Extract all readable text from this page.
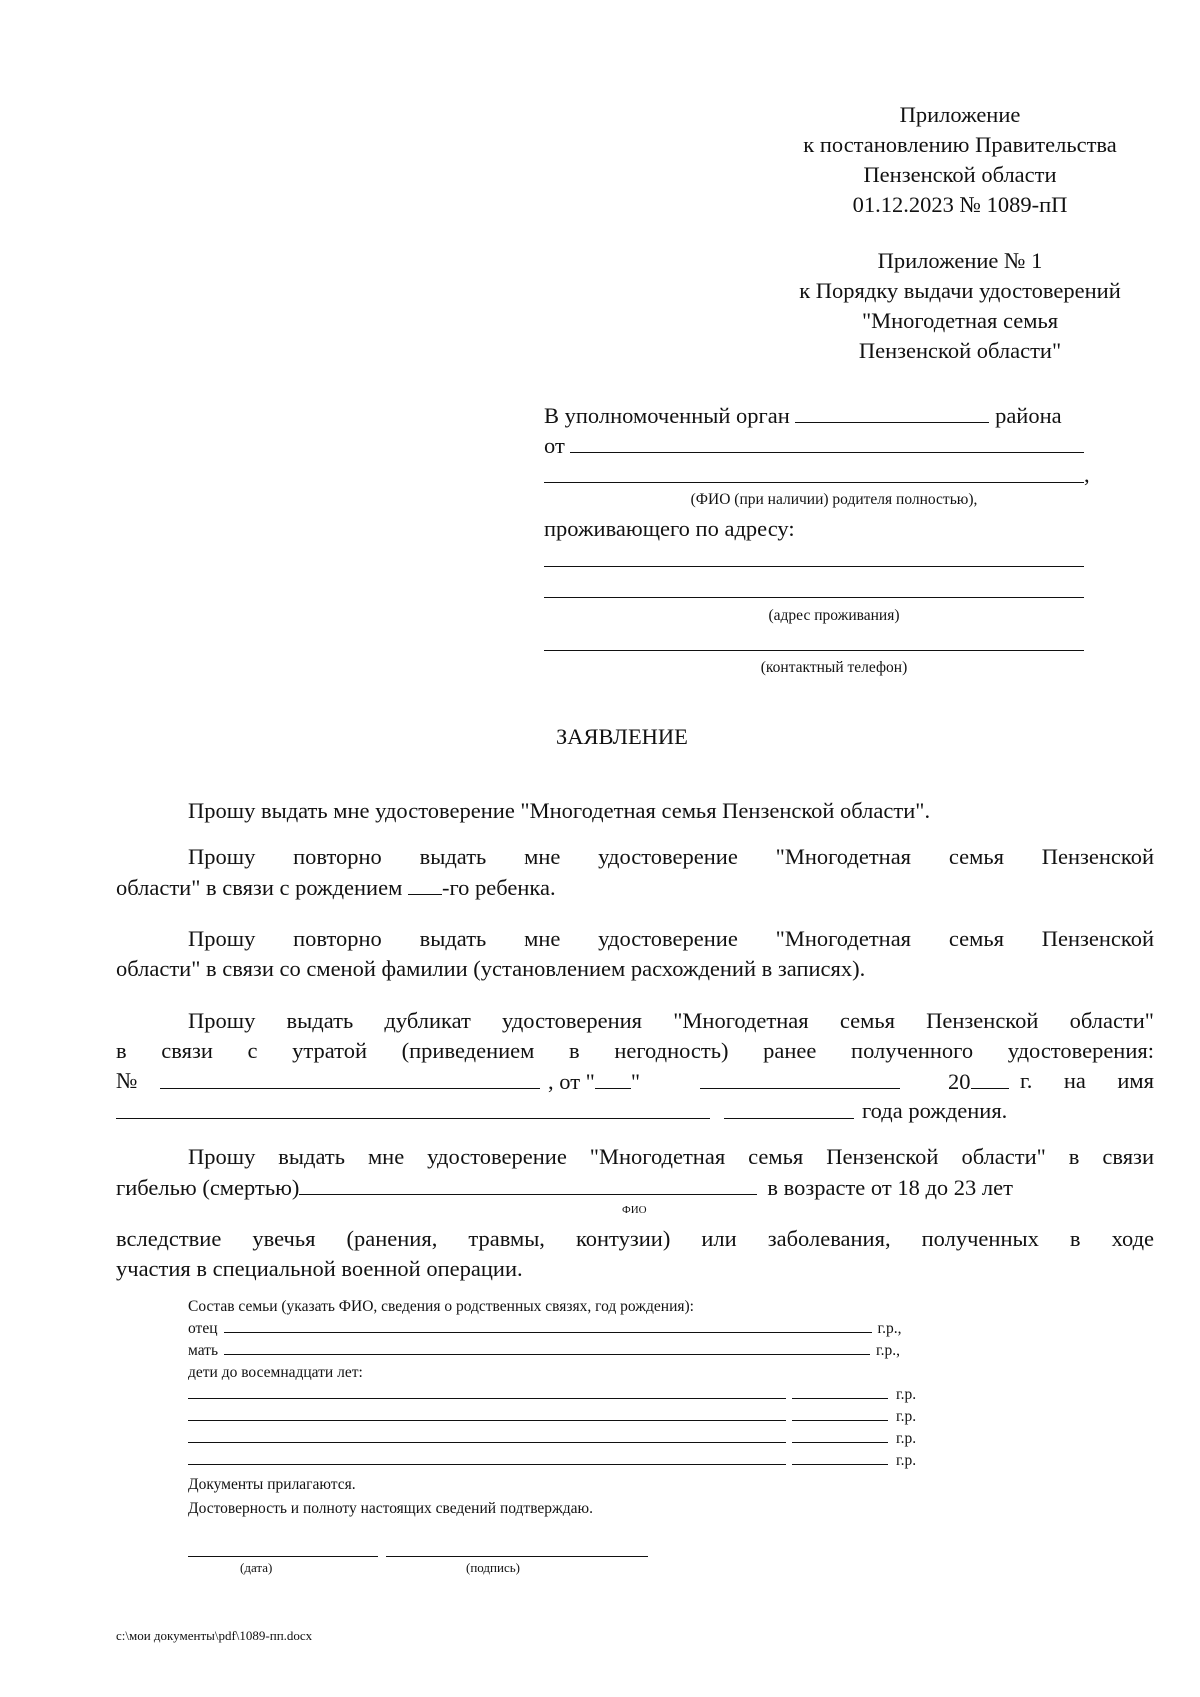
Приложение
к постановлению Правительства
Пензенской области
01.12.2023 № 1089-пП
Приложение № 1
к Порядку выдачи удостоверений
"Многодетная семья
Пензенской области"
В уполномоченный орган	района
от
,
(ФИО (при наличии) родителя полностью),
проживающего по адресу:
(адрес проживания)
(контактный телефон)
ЗАЯВЛЕНИЕ
Прошу выдать мне удостоверение "Многодетная семья Пензенской области".
Прошу повторно выдать мне удостоверение "Многодетная семья Пензенской
области" в связи с рождением -го ребенка.
Прошу повторно выдать мне удостоверение "Многодетная семья Пензенской
области" в связи со сменой фамилии (установлением расхождений в записях).
Прошу выдать дубликат удостоверения "Многодетная семья Пензенской области"
в связи с утратой (приведением в негодность) ранее полученного удостоверения:
№	, от " "	20	г. на имя
года рождения.
Прошу выдать мне удостоверение "Многодетная семья Пензенской области" в связи
гибелью (смертью)	в возрасте от 18 до 23 лет
ФИО
вследствие увечья (ранения, травмы, контузии) или заболевания, полученных в ходе
участия в специальной военной операции.
Состав семьи (указать ФИО, сведения о родственных связях, год рождения):
отец	г.р.,
мать	г.р.,
дети до восемнадцати лет:
г.р.
г.р.
г.р.
г.р.
Документы прилагаются.
Достоверность и полноту настоящих сведений подтверждаю.
(дата)	(подпись)
c:\мои документы\pdf\1089-пп.docx
